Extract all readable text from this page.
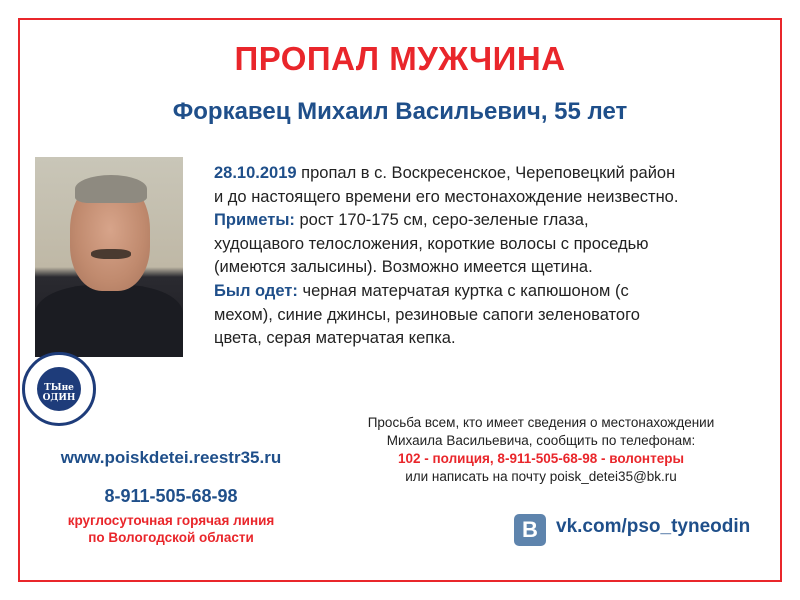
ПРОПАЛ МУЖЧИНА
Форкавец Михаил Васильевич, 55 лет
ТЫне
ОДИН
28.10.2019 пропал в с. Воскресенское, Череповецкий район
и до настоящего времени его местонахождение неизвестно.
Приметы: рост 170-175 см, серо-зеленые глаза,
худощавого телосложения, короткие волосы с проседью
(имеются залысины). Возможно имеется щетина.
Был одет: черная матерчатая куртка с капюшоном (с
мехом), синие джинсы, резиновые сапоги зеленоватого
цвета, серая матерчатая кепка.
Просьба всем, кто имеет сведения о местонахождении
Михаила Васильевича, сообщить по телефонам:
102 - полиция, 8-911-505-68-98 - волонтеры
или написать на почту poisk_detei35@bk.ru
www.poiskdetei.reestr35.ru
8-911-505-68-98
круглосуточная горячая линия
по Вологодской области	B vk.com/pso_tyneodin
